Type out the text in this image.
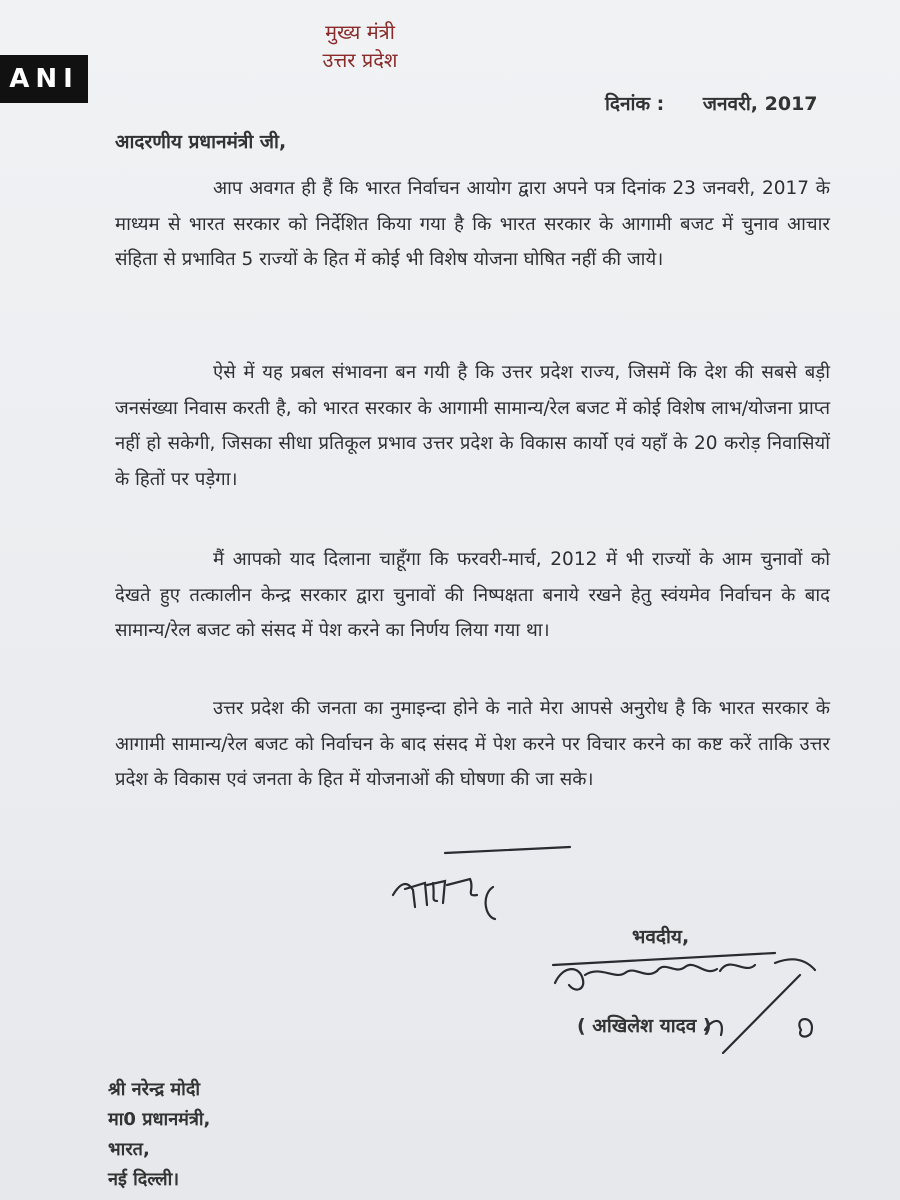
ANI
मुख्य मंत्री
उत्तर प्रदेश
दिनांक : जनवरी, 2017
आदरणीय प्रधानमंत्री जी,
आप अवगत ही हैं कि भारत निर्वाचन आयोग द्वारा अपने पत्र दिनांक 23 जनवरी, 2017 के माध्यम से भारत सरकार को निर्देशित किया गया है कि भारत सरकार के आगामी बजट में चुनाव आचार संहिता से प्रभावित 5 राज्यों के हित में कोई भी विशेष योजना घोषित नहीं की जाये।
ऐसे में यह प्रबल संभावना बन गयी है कि उत्तर प्रदेश राज्य, जिसमें कि देश की सबसे बड़ी जनसंख्या निवास करती है, को भारत सरकार के आगामी सामान्य/रेल बजट में कोई विशेष लाभ/योजना प्राप्त नहीं हो सकेगी, जिसका सीधा प्रतिकूल प्रभाव उत्तर प्रदेश के विकास कार्यो एवं यहाँ के 20 करोड़ निवासियों के हितों पर पड़ेगा।
मैं आपको याद दिलाना चाहूँगा कि फरवरी-मार्च, 2012 में भी राज्यों के आम चुनावों को देखते हुए तत्कालीन केन्द्र सरकार द्वारा चुनावों की निष्पक्षता बनाये रखने हेतु स्वंयमेव निर्वाचन के बाद सामान्य/रेल बजट को संसद में पेश करने का निर्णय लिया गया था।
उत्तर प्रदेश की जनता का नुमाइन्दा होने के नाते मेरा आपसे अनुरोध है कि भारत सरकार के आगामी सामान्य/रेल बजट को निर्वाचन के बाद संसद में पेश करने पर विचार करने का कष्ट करें ताकि उत्तर प्रदेश के विकास एवं जनता के हित में योजनाओं की घोषणा की जा सके।
भवदीय,
( अखिलेश यादव )
श्री नरेन्द्र मोदी
मा0 प्रधानमंत्री,
भारत,
नई दिल्ली।
